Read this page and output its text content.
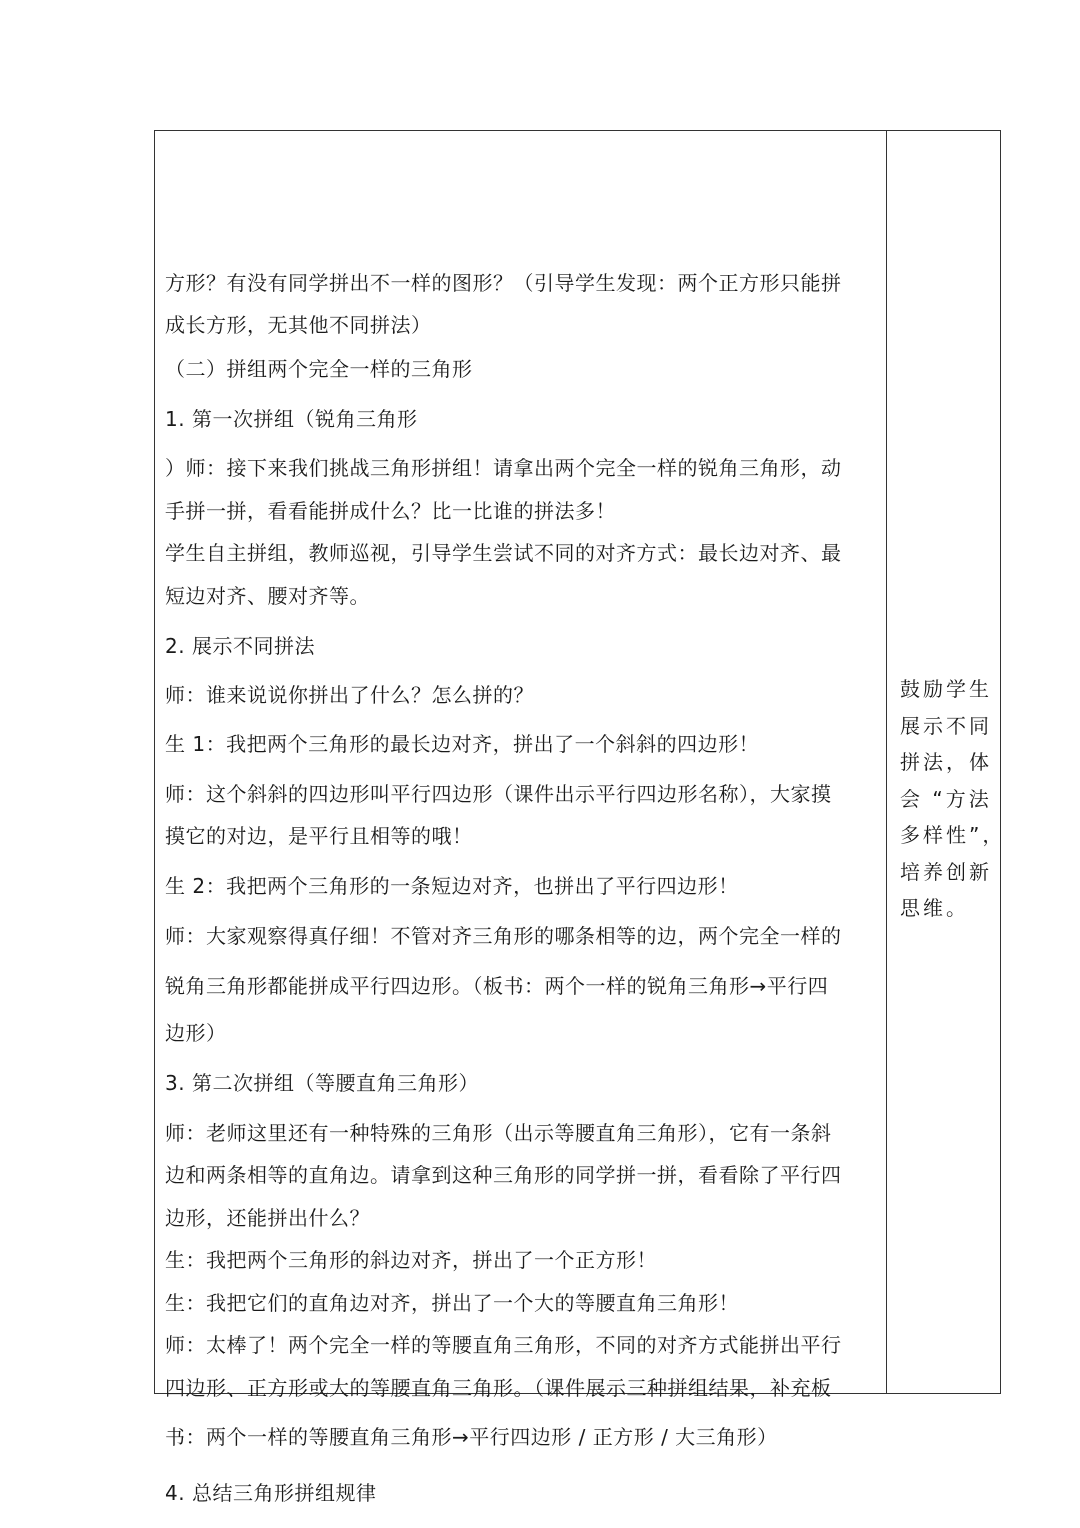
方形？有没有同学拼出不一样的图形？（引导学生发现：两个正方形只能拼
成长方形，无其他不同拼法）
（二）拼组两个完全一样的三角形
1. 第一次拼组（锐角三角形
）师：接下来我们挑战三角形拼组！请拿出两个完全一样的锐角三角形，动
手拼一拼，看看能拼成什么？比一比谁的拼法多！
学生自主拼组，教师巡视，引导学生尝试不同的对齐方式：最长边对齐、最
短边对齐、腰对齐等。
2. 展示不同拼法
师：谁来说说你拼出了什么？怎么拼的？
生 1：我把两个三角形的最长边对齐，拼出了一个斜斜的四边形！
师：这个斜斜的四边形叫平行四边形（课件出示平行四边形名称），大家摸
摸它的对边，是平行且相等的哦！
生 2：我把两个三角形的一条短边对齐，也拼出了平行四边形！
师：大家观察得真仔细！不管对齐三角形的哪条相等的边，两个完全一样的
锐角三角形都能拼成平行四边形。（板书：两个一样的锐角三角形→平行四
边形）
3. 第二次拼组（等腰直角三角形）
师：老师这里还有一种特殊的三角形（出示等腰直角三角形），它有一条斜
边和两条相等的直角边。请拿到这种三角形的同学拼一拼，看看除了平行四
边形，还能拼出什么？
生：我把两个三角形的斜边对齐，拼出了一个正方形！
生：我把它们的直角边对齐，拼出了一个大的等腰直角三角形！
师：太棒了！两个完全一样的等腰直角三角形，不同的对齐方式能拼出平行
四边形、正方形或大的等腰直角三角形。（课件展示三种拼组结果，补充板
书：两个一样的等腰直角三角形→平行四边形 / 正方形 / 大三角形）
4. 总结三角形拼组规律
鼓励学生
展示不同
拼法，体
会 “方法
多样性”，
培养创新
思维。
